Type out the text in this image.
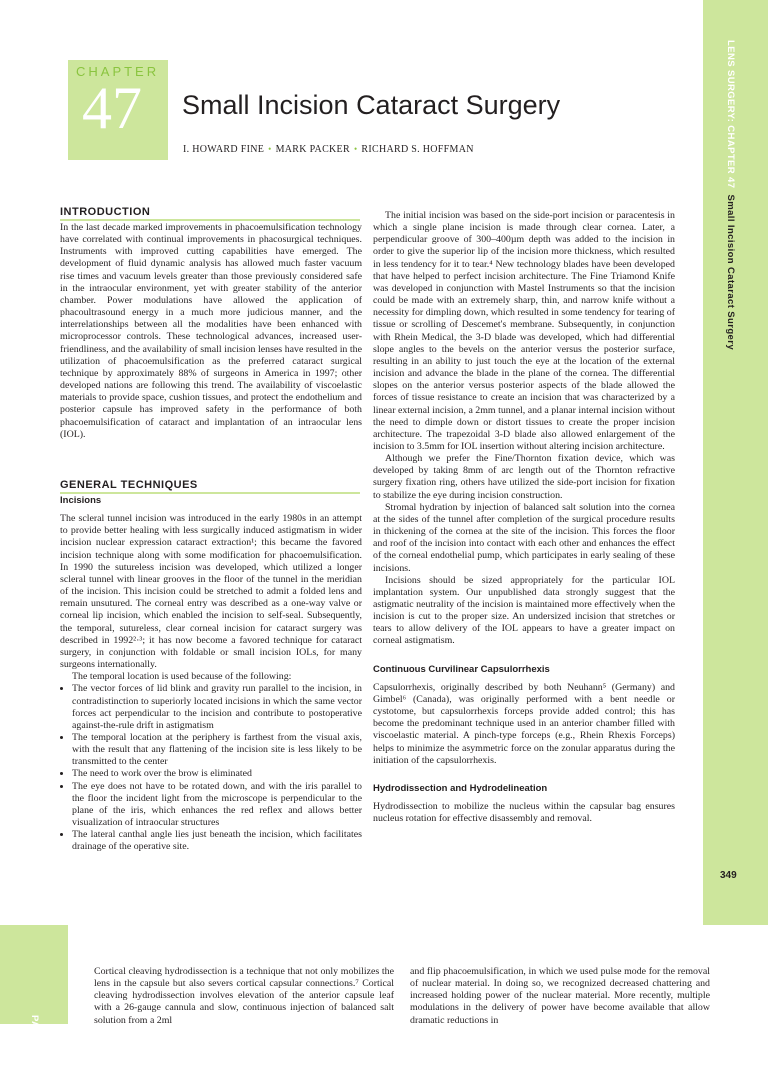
LENS SURGERY: CHAPTER 47  Small Incision Cataract Surgery
CHAPTER
47 Small Incision Cataract Surgery
I. HOWARD FINE • MARK PACKER • RICHARD S. HOFFMAN
INTRODUCTION

In the last decade marked improvements in phacoemulsification technology have correlated with continual improvements in phacosurgical techniques. Instruments with improved cutting capabilities have emerged. The development of fluid dynamic analysis has allowed much faster vacuum rise times and vacuum levels greater than those previously considered safe in the intraocular environment, yet with greater stability of the anterior chamber. Power modulations have allowed the application of phacoultrasound energy in a much more judicious manner, and the interrelationships between all the modalities have been enhanced with microprocessor controls. These technological advances, increased user-friendliness, and the availability of small incision lenses have resulted in the utilization of phacoemulsification as the preferred cataract surgical technique by approximately 88% of surgeons in America in 1997; other developed nations are following this trend. The availability of viscoelastic materials to provide space, cushion tissues, and protect the endothelium and posterior capsule has improved safety in the performance of both phacoemulsification of cataract and implantation of an intraocular lens (IOL).

GENERAL TECHNIQUES

Incisions

The scleral tunnel incision was introduced in the early 1980s in an attempt to provide better healing with less surgically induced astigmatism in wider incision nuclear expression cataract extraction¹; this became the favored incision technique along with some modification for phacoemulsification. In 1990 the sutureless incision was developed, which utilized a longer scleral tunnel with linear grooves in the floor of the tunnel in the meridian of the incision. This incision could be stretched to admit a folded lens and remain unsutured. The corneal entry was described as a one-way valve or corneal lip incision, which enabled the incision to self-seal. Subsequently, the temporal, sutureless, clear corneal incision for cataract surgery was described in 1992²·³; it has now become a favored technique for cataract surgery, in conjunction with foldable or small incision IOLs, for many surgeons internationally.

The temporal location is used because of the following:

• The vector forces of lid blink and gravity run parallel to the incision, in contradistinction to superiorly located incisions in which the same vector forces act perpendicular to the incision and contribute to postoperative against-the-rule drift in astigmatism
• The temporal location at the periphery is farthest from the visual axis, with the result that any flattening of the incision site is less likely to be transmitted to the center
• The need to work over the brow is eliminated
• The eye does not have to be rotated down, and with the iris parallel to the floor the incident light from the microscope is perpendicular to the plane of the iris, which enhances the red reflex and allows better visualization of intraocular structures
• The lateral canthal angle lies just beneath the incision, which facilitates drainage of the operative site.

The initial incision was based on the side-port incision or paracentesis in which a single plane incision is made through clear cornea. Later, a perpendicular groove of 300–400µm depth was added to the incision in order to give the superior lip of the incision more thickness, which resulted in less tendency for it to tear.⁴ New technology blades have been developed that have helped to perfect incision architecture. The Fine Triamond Knife was developed in conjunction with Mastel Instruments so that the incision could be made with an extremely sharp, thin, and narrow knife without a necessity for dimpling down, which resulted in some tendency for tearing of tissue or scrolling of Descemet's membrane. Subsequently, in conjunction with Rhein Medical, the 3-D blade was developed, which had differential slope angles to the bevels on the anterior versus the posterior surface, resulting in an ability to just touch the eye at the location of the external incision and advance the blade in the plane of the cornea. The differential slopes on the anterior versus posterior aspects of the blade allowed the forces of tissue resistance to create an incision that was characterized by a linear external incision, a 2mm tunnel, and a planar internal incision without the need to dimple down or distort tissues to create the proper incision architecture. The trapezoidal 3-D blade also allowed enlargement of the incision to 3.5mm for IOL insertion without altering incision architecture.

Although we prefer the Fine/Thornton fixation device, which was developed by taking 8mm of arc length out of the Thornton refractive surgery fixation ring, others have utilized the side-port incision for fixation to stabilize the eye during incision construction.

Stromal hydration by injection of balanced salt solution into the cornea at the sides of the tunnel after completion of the surgical procedure results in thickening of the cornea at the site of the incision. This forces the floor and roof of the incision into contact with each other and enhances the effect of the corneal endothelial pump, which participates in early sealing of these incisions.

Incisions should be sized appropriately for the particular IOL implantation system. Our unpublished data strongly suggest that the astigmatic neutrality of the incision is maintained more effectively when the incision is cut to the proper size. An undersized incision that stretches or tears to allow delivery of the IOL appears to have a greater impact on corneal astigmatism.

Continuous Curvilinear Capsulorrhexis

Capsulorrhexis, originally described by both Neuhann⁵ (Germany) and Gimbel⁶ (Canada), was originally performed with a bent needle or cystotome, but capsulorrhexis forceps provide added control; this has become the predominant technique used in an anterior chamber filled with viscoelastic material. A pinch-type forceps (e.g., Rhein Rhexis Forceps) helps to minimize the asymmetric force on the zonular apparatus during the initiation of the capsulorrhexis.

Hydrodissection and Hydrodelineation

Hydrodissection to mobilize the nucleus within the capsular bag ensures nucleus rotation for effective disassembly and removal.

349
PART 4 The
Cortical cleaving hydrodissection is a technique that not only mobilizes the lens in the capsule but also severs cortical capsular connections.⁷ Cortical cleaving hydrodissection involves elevation of the anterior capsule leaf with a 26-gauge cannula and slow, continuous injection of balanced salt solution from a 2ml
and flip phacoemulsification, in which we used pulse mode for the removal of nuclear material. In doing so, we recognized decreased chattering and increased holding power of the nuclear material. More recently, multiple modulations in the delivery of power have become available that allow dramatic reductions in
